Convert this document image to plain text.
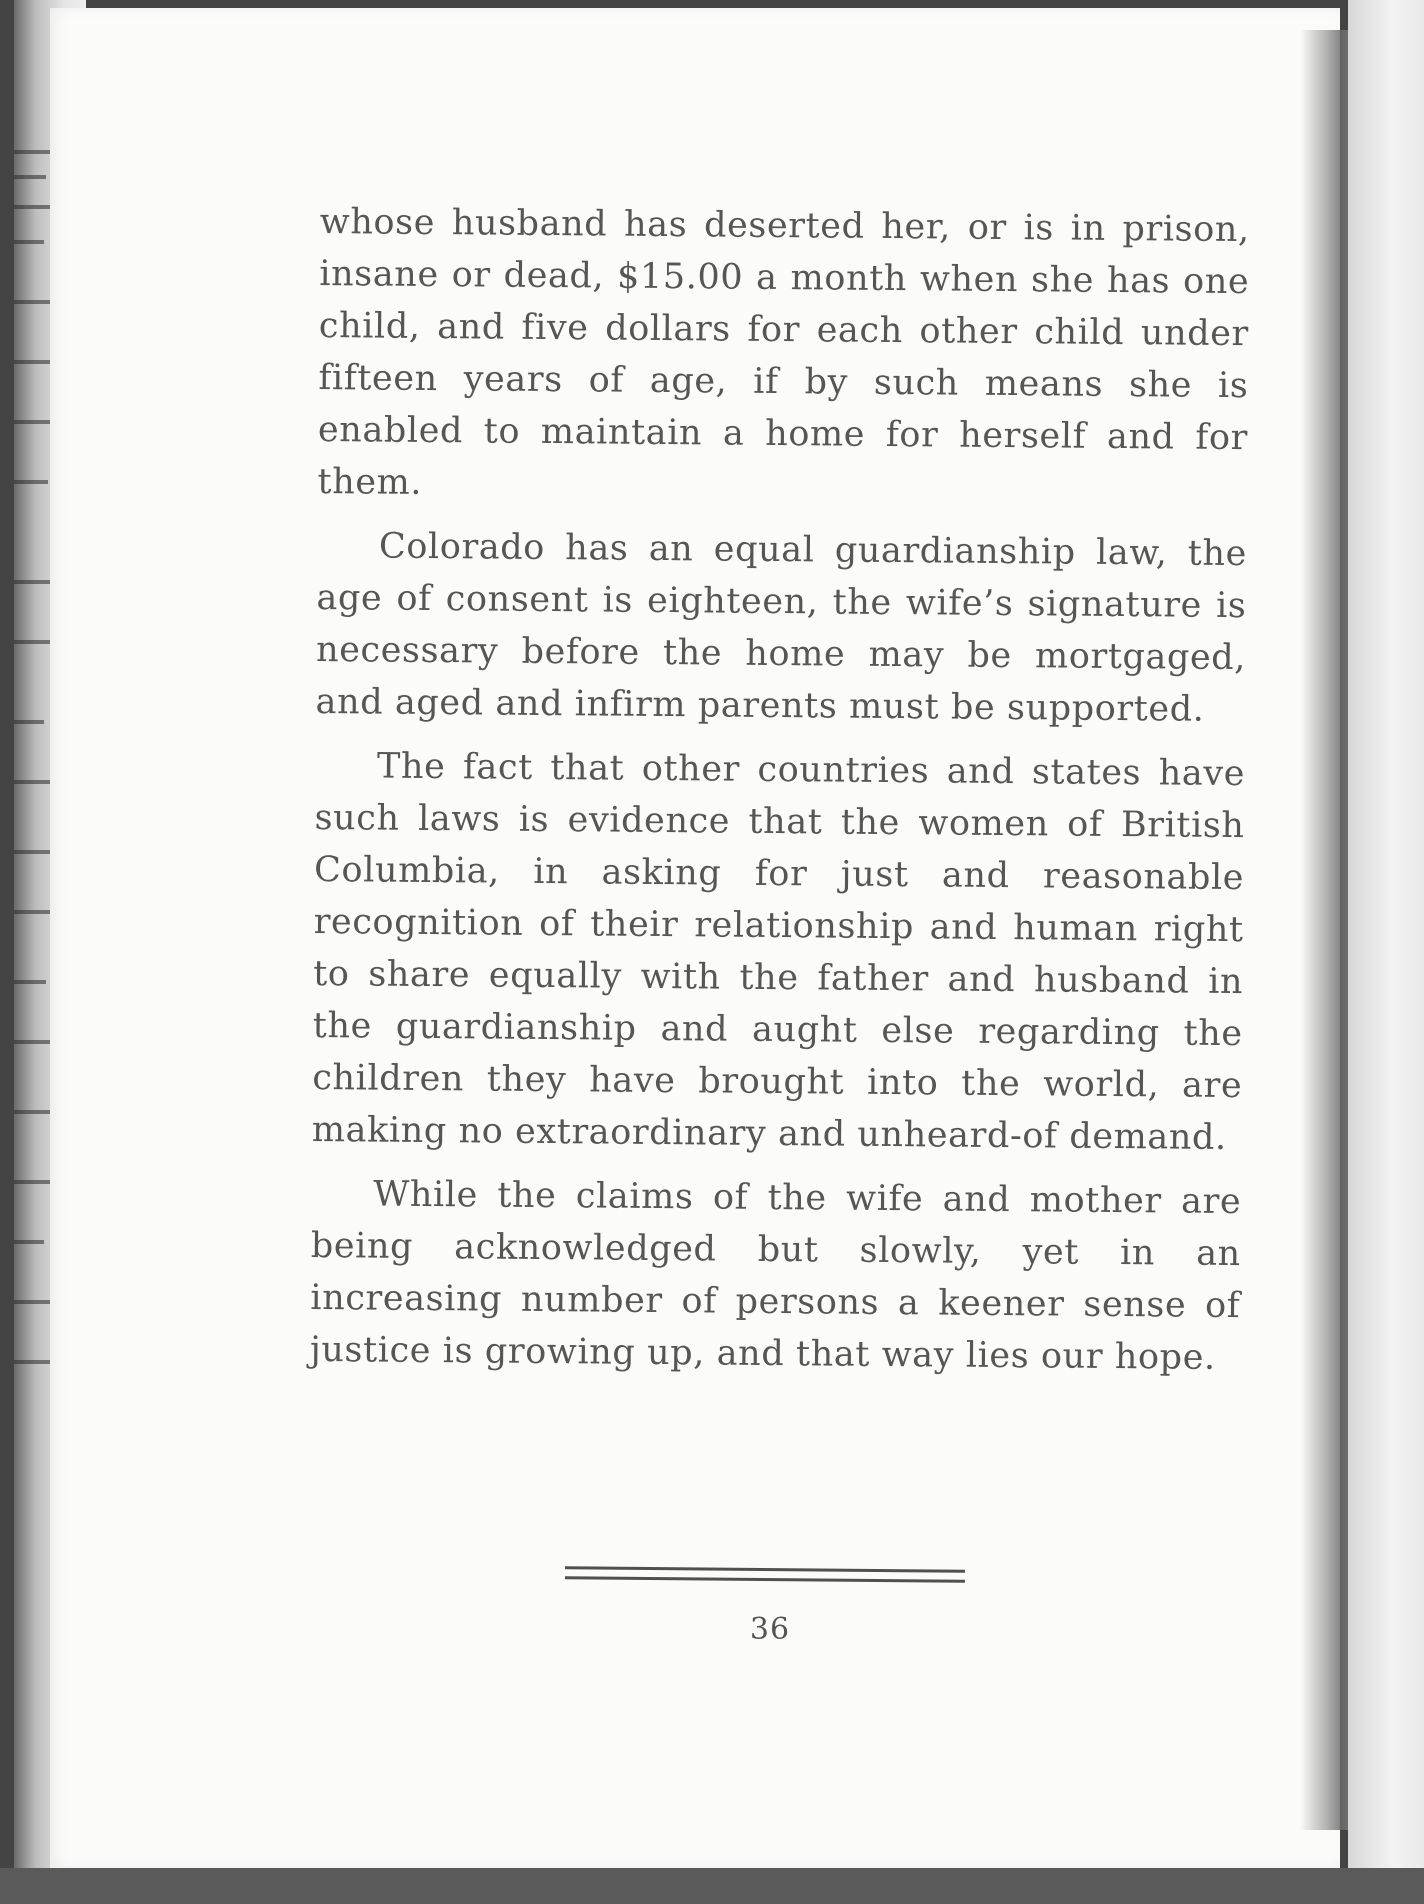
whose husband has deserted her, or is in prison, insane or dead, $15.00 a month when she has one child, and five dollars for each other child under fifteen years of age, if by such means she is enabled to maintain a home for herself and for them.

Colorado has an equal guardianship law, the age of consent is eighteen, the wife’s signature is necessary before the home may be mortgaged, and aged and infirm parents must be supported.

The fact that other countries and states have such laws is evidence that the women of British Columbia, in asking for just and reasonable recognition of their relationship and human right to share equally with the father and husband in the guardianship and aught else regarding the children they have brought into the world, are making no extraordinary and unheard-of demand.

While the claims of the wife and mother are being acknowledged but slowly, yet in an increasing number of persons a keener sense of justice is growing up, and that way lies our hope.

36
